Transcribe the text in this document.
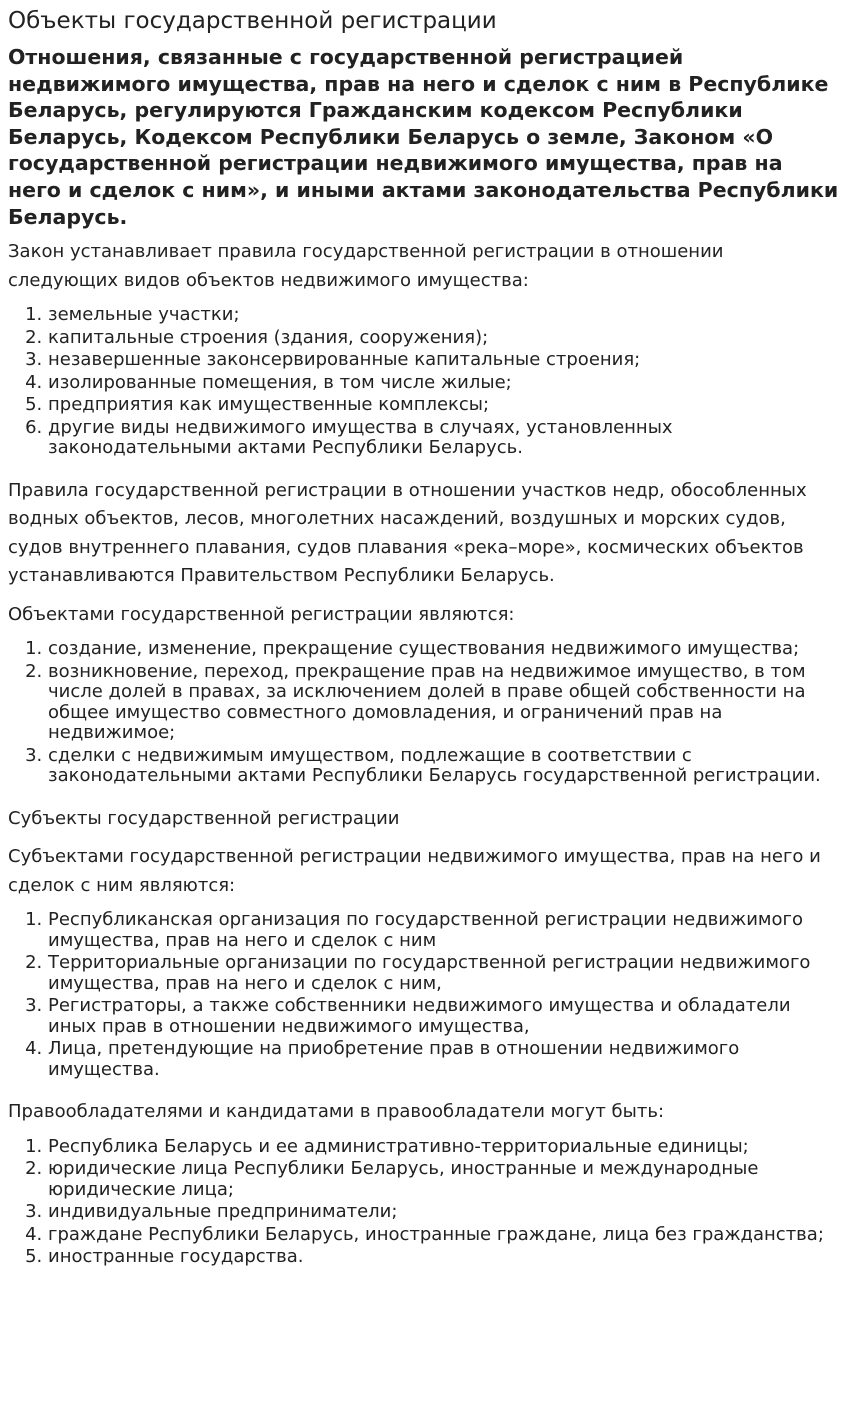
Объекты государственной регистрации

Отношения, связанные с государственной регистрацией недвижимого имущества, прав на него и сделок с ним в Республике Беларусь, регулируются Гражданским кодексом Республики Беларусь, Кодексом Республики Беларусь о земле, Законом «О государственной регистрации недвижимого имущества, прав на него и сделок с ним», и иными актами законодательства Республики Беларусь.

Закон устанавливает правила государственной регистрации в отношении следующих видов объектов недвижимого имущества:

1. земельные участки;
2. капитальные строения (здания, сооружения);
3. незавершенные законсервированные капитальные строения;
4. изолированные помещения, в том числе жилые;
5. предприятия как имущественные комплексы;
6. другие виды недвижимого имущества в случаях, установленных законодательными актами Республики Беларусь.

Правила государственной регистрации в отношении участков недр, обособленных водных объектов, лесов, многолетних насаждений, воздушных и морских судов, судов внутреннего плавания, судов плавания «река–море», космических объектов устанавливаются Правительством Республики Беларусь.

Объектами государственной регистрации являются:

1. создание, изменение, прекращение существования недвижимого имущества;
2. возникновение, переход, прекращение прав на недвижимое имущество, в том числе долей в правах, за исключением долей в праве общей собственности на общее имущество совместного домовладения, и ограничений прав на недвижимое;
3. сделки с недвижимым имуществом, подлежащие в соответствии с законодательными актами Республики Беларусь государственной регистрации.

Субъекты государственной регистрации

Субъектами государственной регистрации недвижимого имущества, прав на него и сделок с ним являются:

1. Республиканская организация по государственной регистрации недвижимого имущества, прав на него и сделок с ним
2. Территориальные организации по государственной регистрации недвижимого имущества, прав на него и сделок с ним,
3. Регистраторы, а также собственники недвижимого имущества и обладатели иных прав в отношении недвижимого имущества,
4. Лица, претендующие на приобретение прав в отношении недвижимого имущества.

Правообладателями и кандидатами в правообладатели могут быть:

1. Республика Беларусь и ее административно-территориальные единицы;
2. юридические лица Республики Беларусь, иностранные и международные юридические лица;
3. индивидуальные предприниматели;
4. граждане Республики Беларусь, иностранные граждане, лица без гражданства;
5. иностранные государства.
